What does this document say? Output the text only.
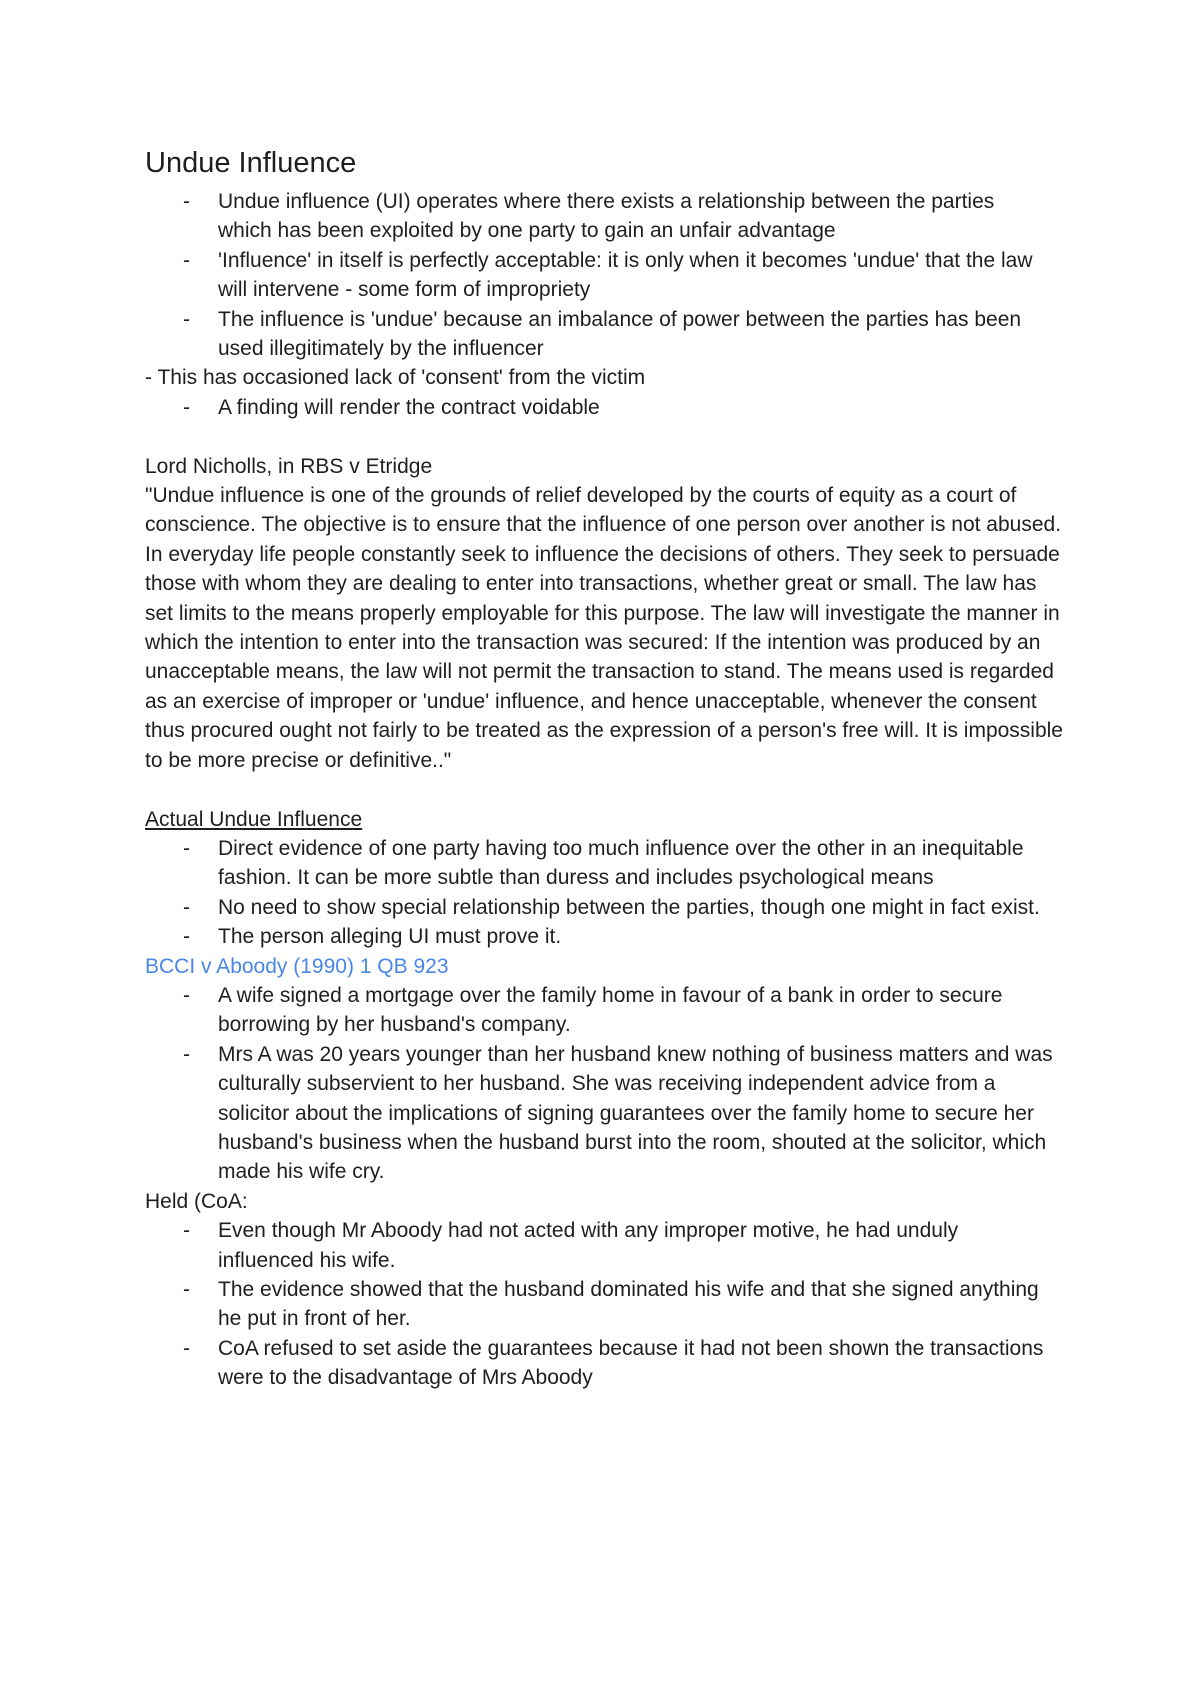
Undue Influence
- Undue influence (UI) operates where there exists a relationship between the parties which has been exploited by one party to gain an unfair advantage
- 'Influence' in itself is perfectly acceptable: it is only when it becomes 'undue' that the law will intervene - some form of impropriety
- The influence is 'undue' because an imbalance of power between the parties has been used illegitimately by the influencer

- This has occasioned lack of 'consent' from the victim

- A finding will render the contract voidable

Lord Nicholls, in RBS v Etridge

"Undue influence is one of the grounds of relief developed by the courts of equity as a court of conscience. The objective is to ensure that the influence of one person over another is not abused. In everyday life people constantly seek to influence the decisions of others. They seek to persuade those with whom they are dealing to enter into transactions, whether great or small. The law has set limits to the means properly employable for this purpose. The law will investigate the manner in which the intention to enter into the transaction was secured: If the intention was produced by an unacceptable means, the law will not permit the transaction to stand. The means used is regarded as an exercise of improper or 'undue' influence, and hence unacceptable, whenever the consent thus procured ought not fairly to be treated as the expression of a person's free will. It is impossible to be more precise or definitive.."

Actual Undue Influence

- Direct evidence of one party having too much influence over the other in an inequitable fashion. It can be more subtle than duress and includes psychological means
- No need to show special relationship between the parties, though one might in fact exist.
- The person alleging UI must prove it.

BCCI v Aboody (1990) 1 QB 923

- A wife signed a mortgage over the family home in favour of a bank in order to secure borrowing by her husband's company.
- Mrs A was 20 years younger than her husband knew nothing of business matters and was culturally subservient to her husband. She was receiving independent advice from a solicitor about the implications of signing guarantees over the family home to secure her husband's business when the husband burst into the room, shouted at the solicitor, which made his wife cry.

Held (CoA:

- Even though Mr Aboody had not acted with any improper motive, he had unduly influenced his wife.
- The evidence showed that the husband dominated his wife and that she signed anything he put in front of her.
- CoA refused to set aside the guarantees because it had not been shown the transactions were to the disadvantage of Mrs Aboody
